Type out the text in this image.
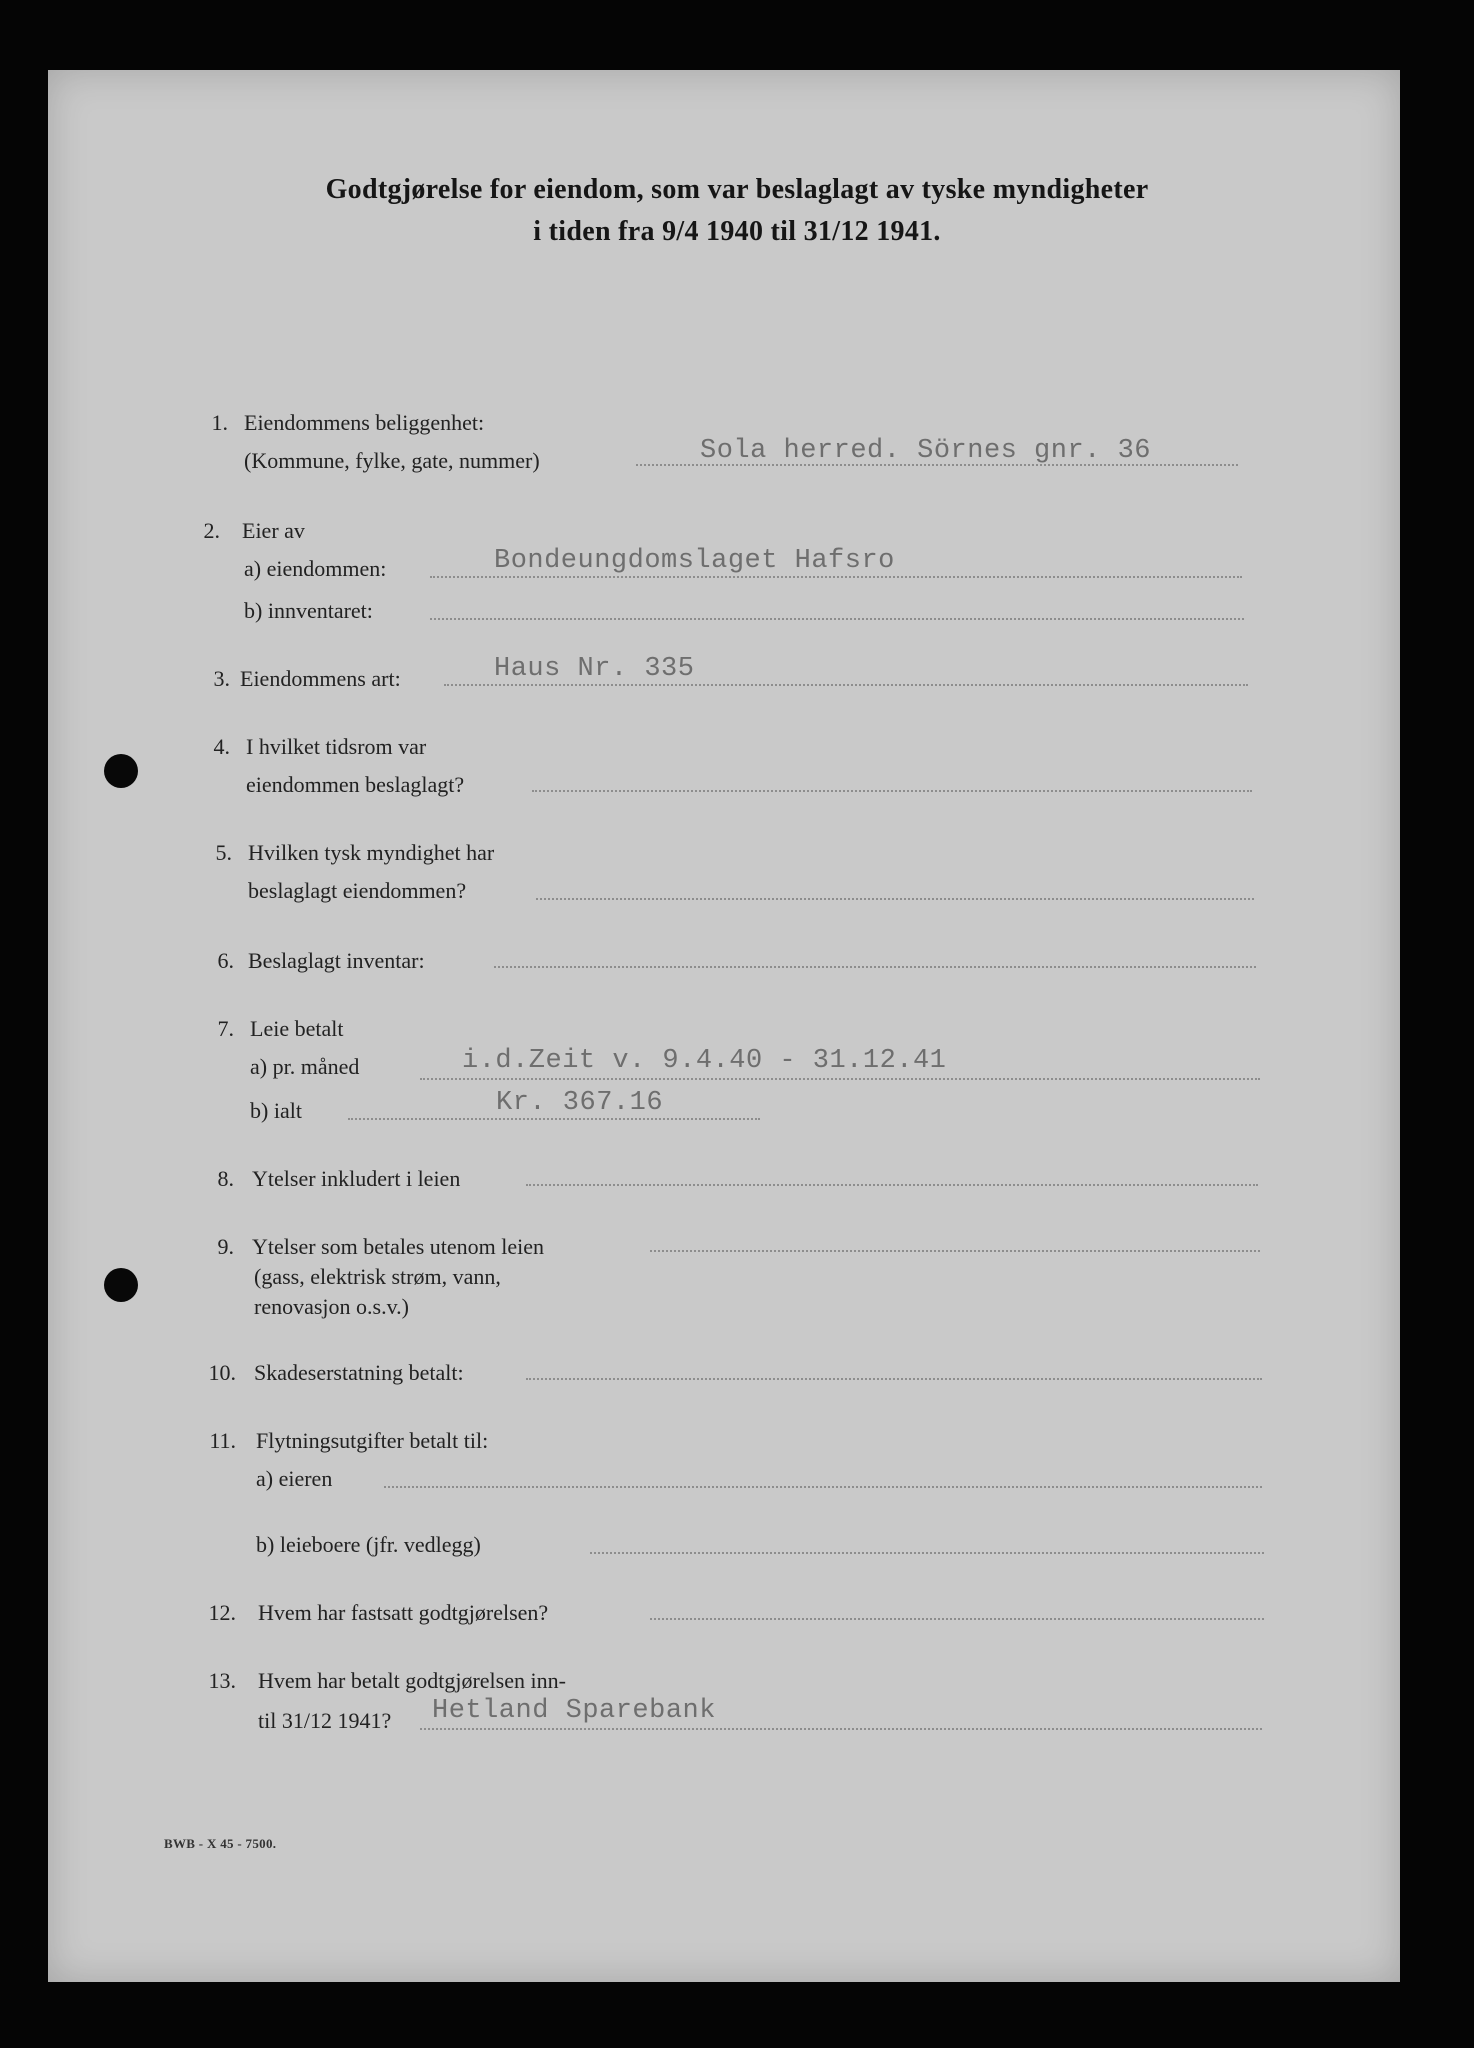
Godtgjørelse for eiendom, som var beslaglagt av tyske myndigheter
i tiden fra 9/4 1940 til 31/12 1941.
1. Eiendommens beliggenhet:
(Kommune, fylke, gate, nummer)	Sola herred. Sörnes gnr. 36
2. Eier av
a) eiendommen:	Bondeungdomslaget Hafsro
b) innventaret:
3. Eiendommens art:	Haus Nr. 335
4. I hvilket tidsrom var
eiendommen beslaglagt?
5. Hvilken tysk myndighet har
beslaglagt eiendommen?
6. Beslaglagt inventar:
7. Leie betalt
a) pr. måned	i.d.Zeit v. 9.4.40 - 31.12.41
b) ialt	Kr. 367.16
8. Ytelser inkludert i leien
9. Ytelser som betales utenom leien
(gass, elektrisk strøm, vann,
renovasjon o.s.v.)
10. Skadeserstatning betalt:
11. Flytningsutgifter betalt til:
a) eieren
b) leieboere (jfr. vedlegg)
12. Hvem har fastsatt godtgjørelsen?
13. Hvem har betalt godtgjørelsen inn-
til 31/12 1941? Hetland Sparebank
BWB - X 45 - 7500.
